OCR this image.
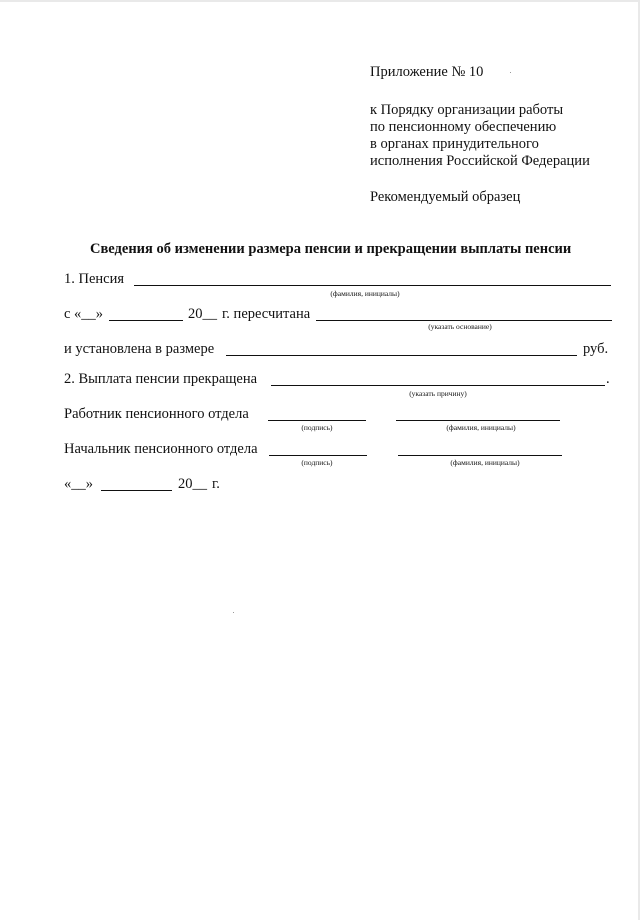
Приложение № 10
к Порядку организации работы
по пенсионному обеспечению
в органах принудительного
исполнения Российской Федерации
Рекомендуемый образец
Сведения об изменении размера пенсии и прекращении выплаты пенсии
1. Пенсия
(фамилия, инициалы)
с «__»	20__ г. пересчитана
(указать основание)
и установлена в размере	руб.
2. Выплата пенсии прекращена	.
(указать причину)
Работник пенсионного отдела
(подпись)	(фамилия, инициалы)
Начальник пенсионного отдела
(подпись)	(фамилия, инициалы)
«__»	20__ г.
